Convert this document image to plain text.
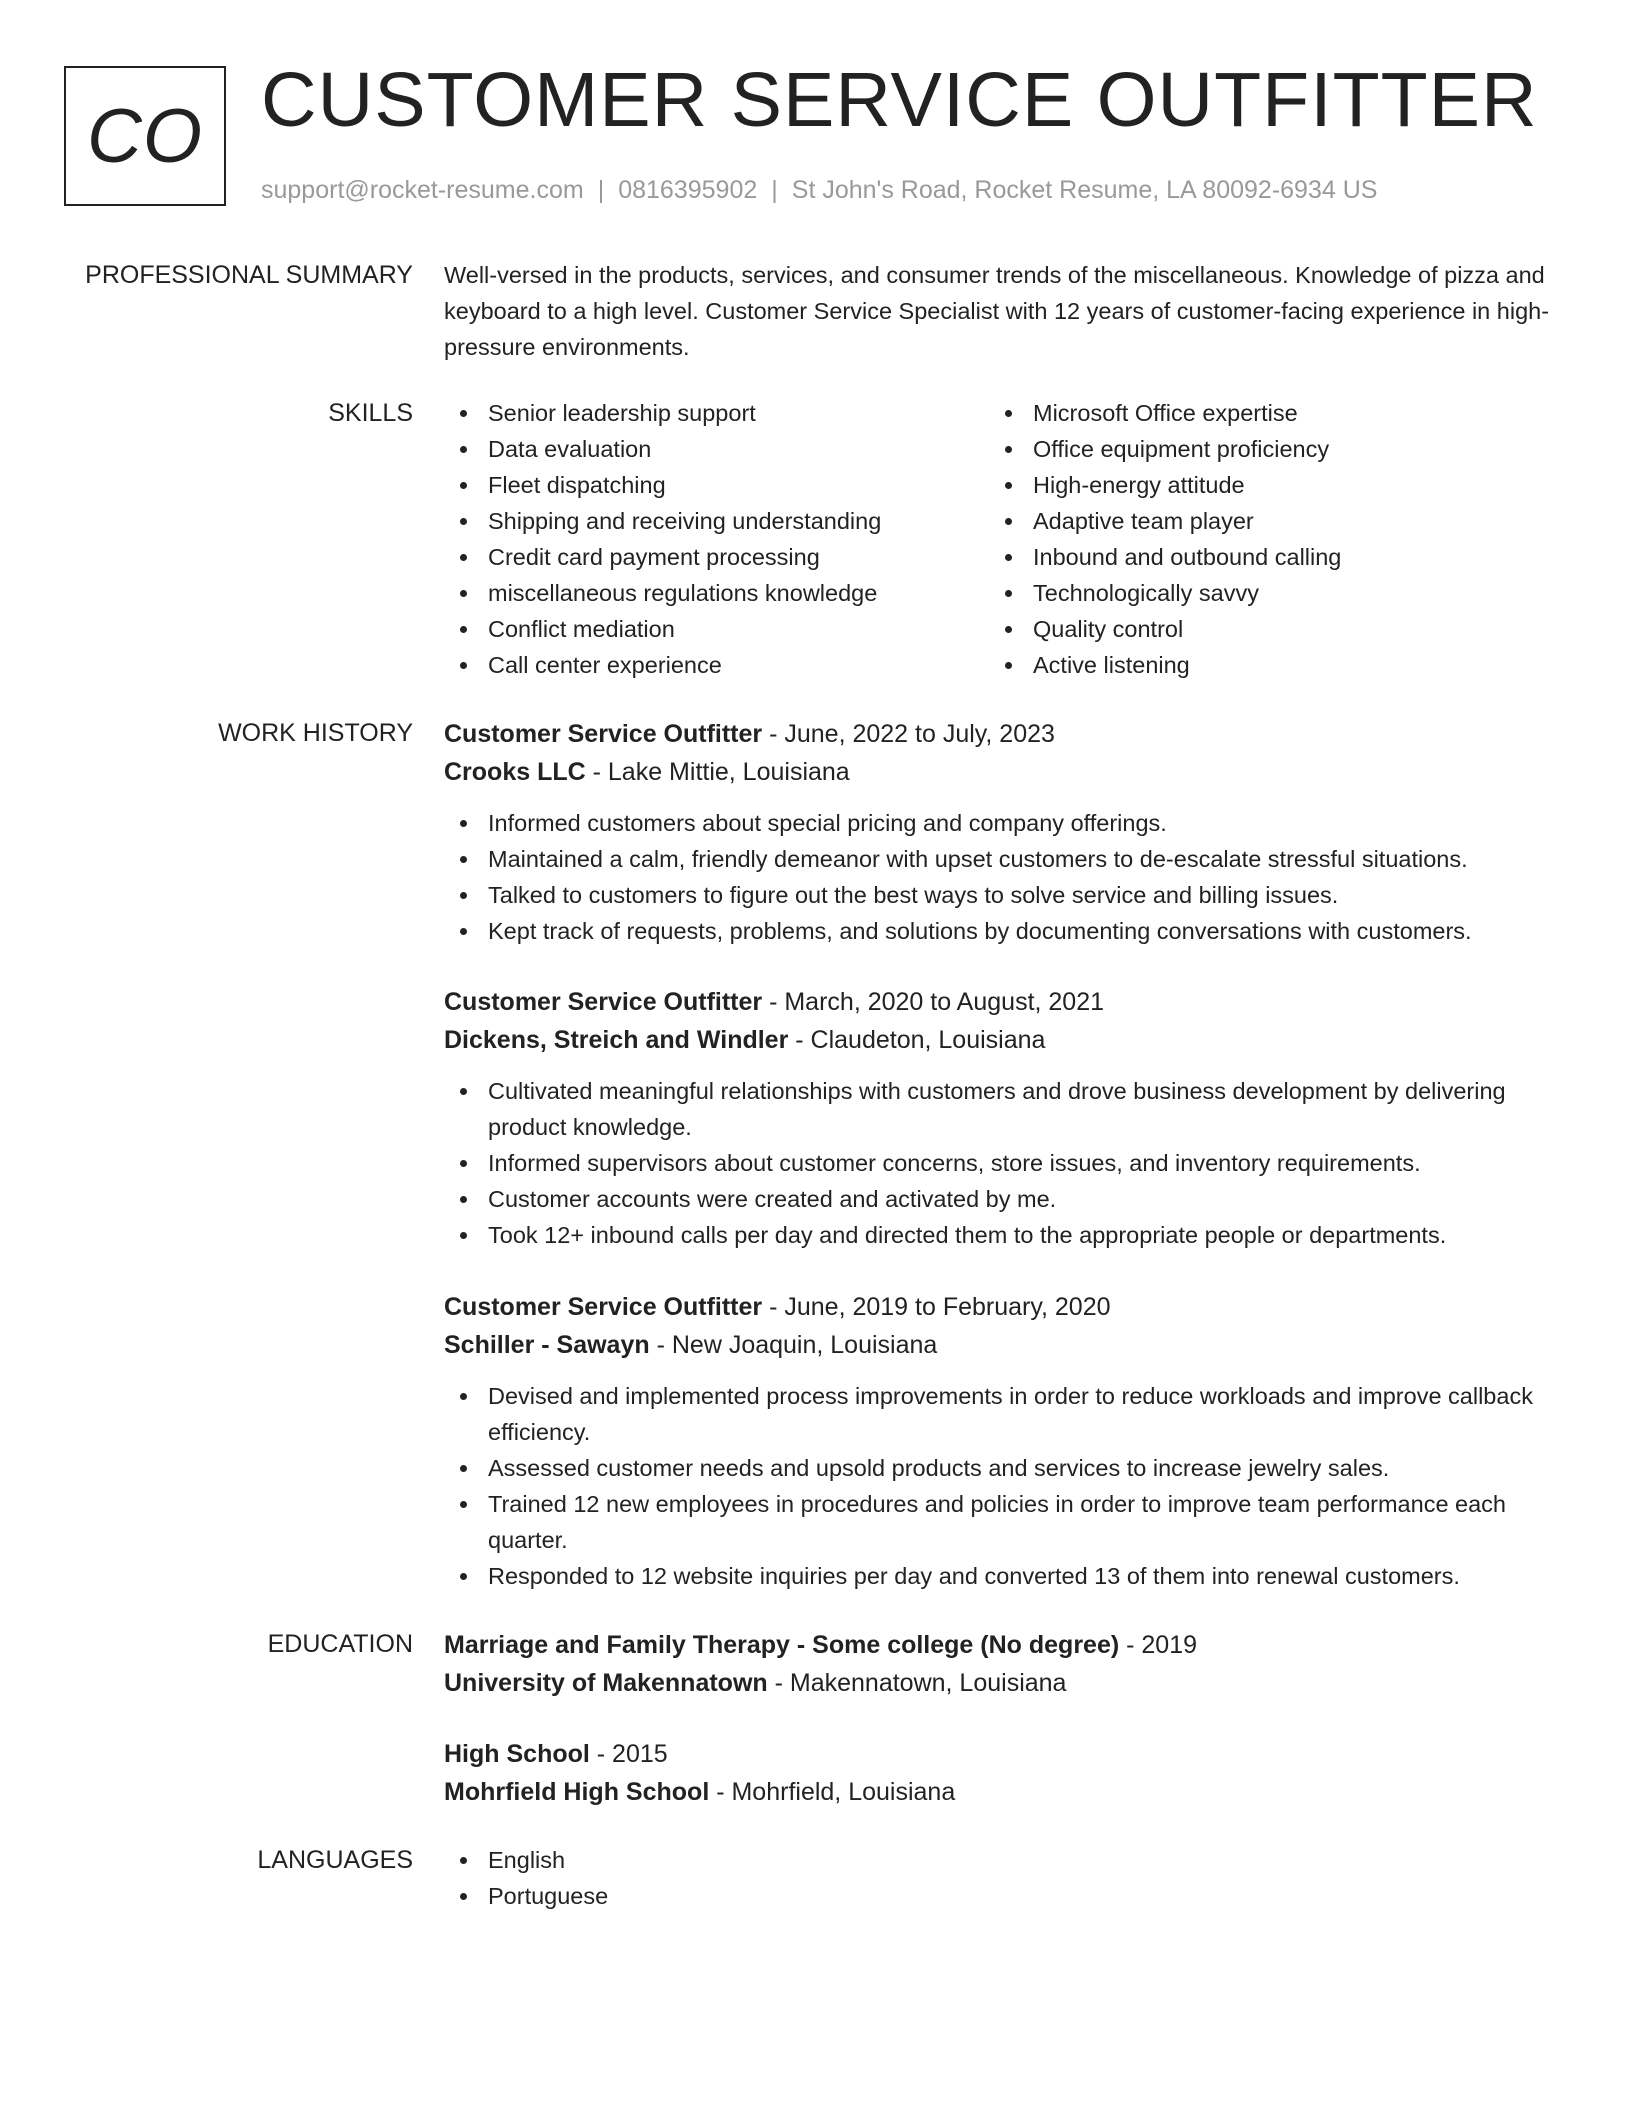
CO CUSTOMER SERVICE OUTFITTER
support@rocket-resume.com | 0816395902 | St John's Road, Rocket Resume, LA 80092-6934 US
PROFESSIONAL SUMMARY Well-versed in the products, services, and consumer trends of the miscellaneous. Knowledge of pizza and keyboard to a high level. Customer Service Specialist with 12 years of customer-facing experience in high-pressure environments.

SKILLS	Senior leadership support
Data evaluation
Fleet dispatching
Shipping and receiving understanding
Credit card payment processing
miscellaneous regulations knowledge
Conflict mediation
Call center experience
Microsoft Office expertise
Office equipment proficiency
High-energy attitude
Adaptive team player
Inbound and outbound calling
Technologically savvy
Quality control
Active listening
WORK HISTORY Customer Service Outfitter - June, 2022 to July, 2023
Crooks LLC - Lake Mittie, Louisiana
Informed customers about special pricing and company offerings.
Maintained a calm, friendly demeanor with upset customers to de-escalate stressful situations.
Talked to customers to figure out the best ways to solve service and billing issues.
Kept track of requests, problems, and solutions by documenting conversations with customers.
Customer Service Outfitter - March, 2020 to August, 2021
Dickens, Streich and Windler - Claudeton, Louisiana
Cultivated meaningful relationships with customers and drove business development by delivering product knowledge.
Informed supervisors about customer concerns, store issues, and inventory requirements.
Customer accounts were created and activated by me.
Took 12+ inbound calls per day and directed them to the appropriate people or departments.
Customer Service Outfitter - June, 2019 to February, 2020
Schiller - Sawayn - New Joaquin, Louisiana
Devised and implemented process improvements in order to reduce workloads and improve callback efficiency.
Assessed customer needs and upsold products and services to increase jewelry sales.
Trained 12 new employees in procedures and policies in order to improve team performance each quarter.
Responded to 12 website inquiries per day and converted 13 of them into renewal customers.
EDUCATION Marriage and Family Therapy - Some college (No degree) - 2019
University of Makennatown - Makennatown, Louisiana
High School - 2015
Mohrfield High School - Mohrfield, Louisiana
LANGUAGES	English
Portuguese
